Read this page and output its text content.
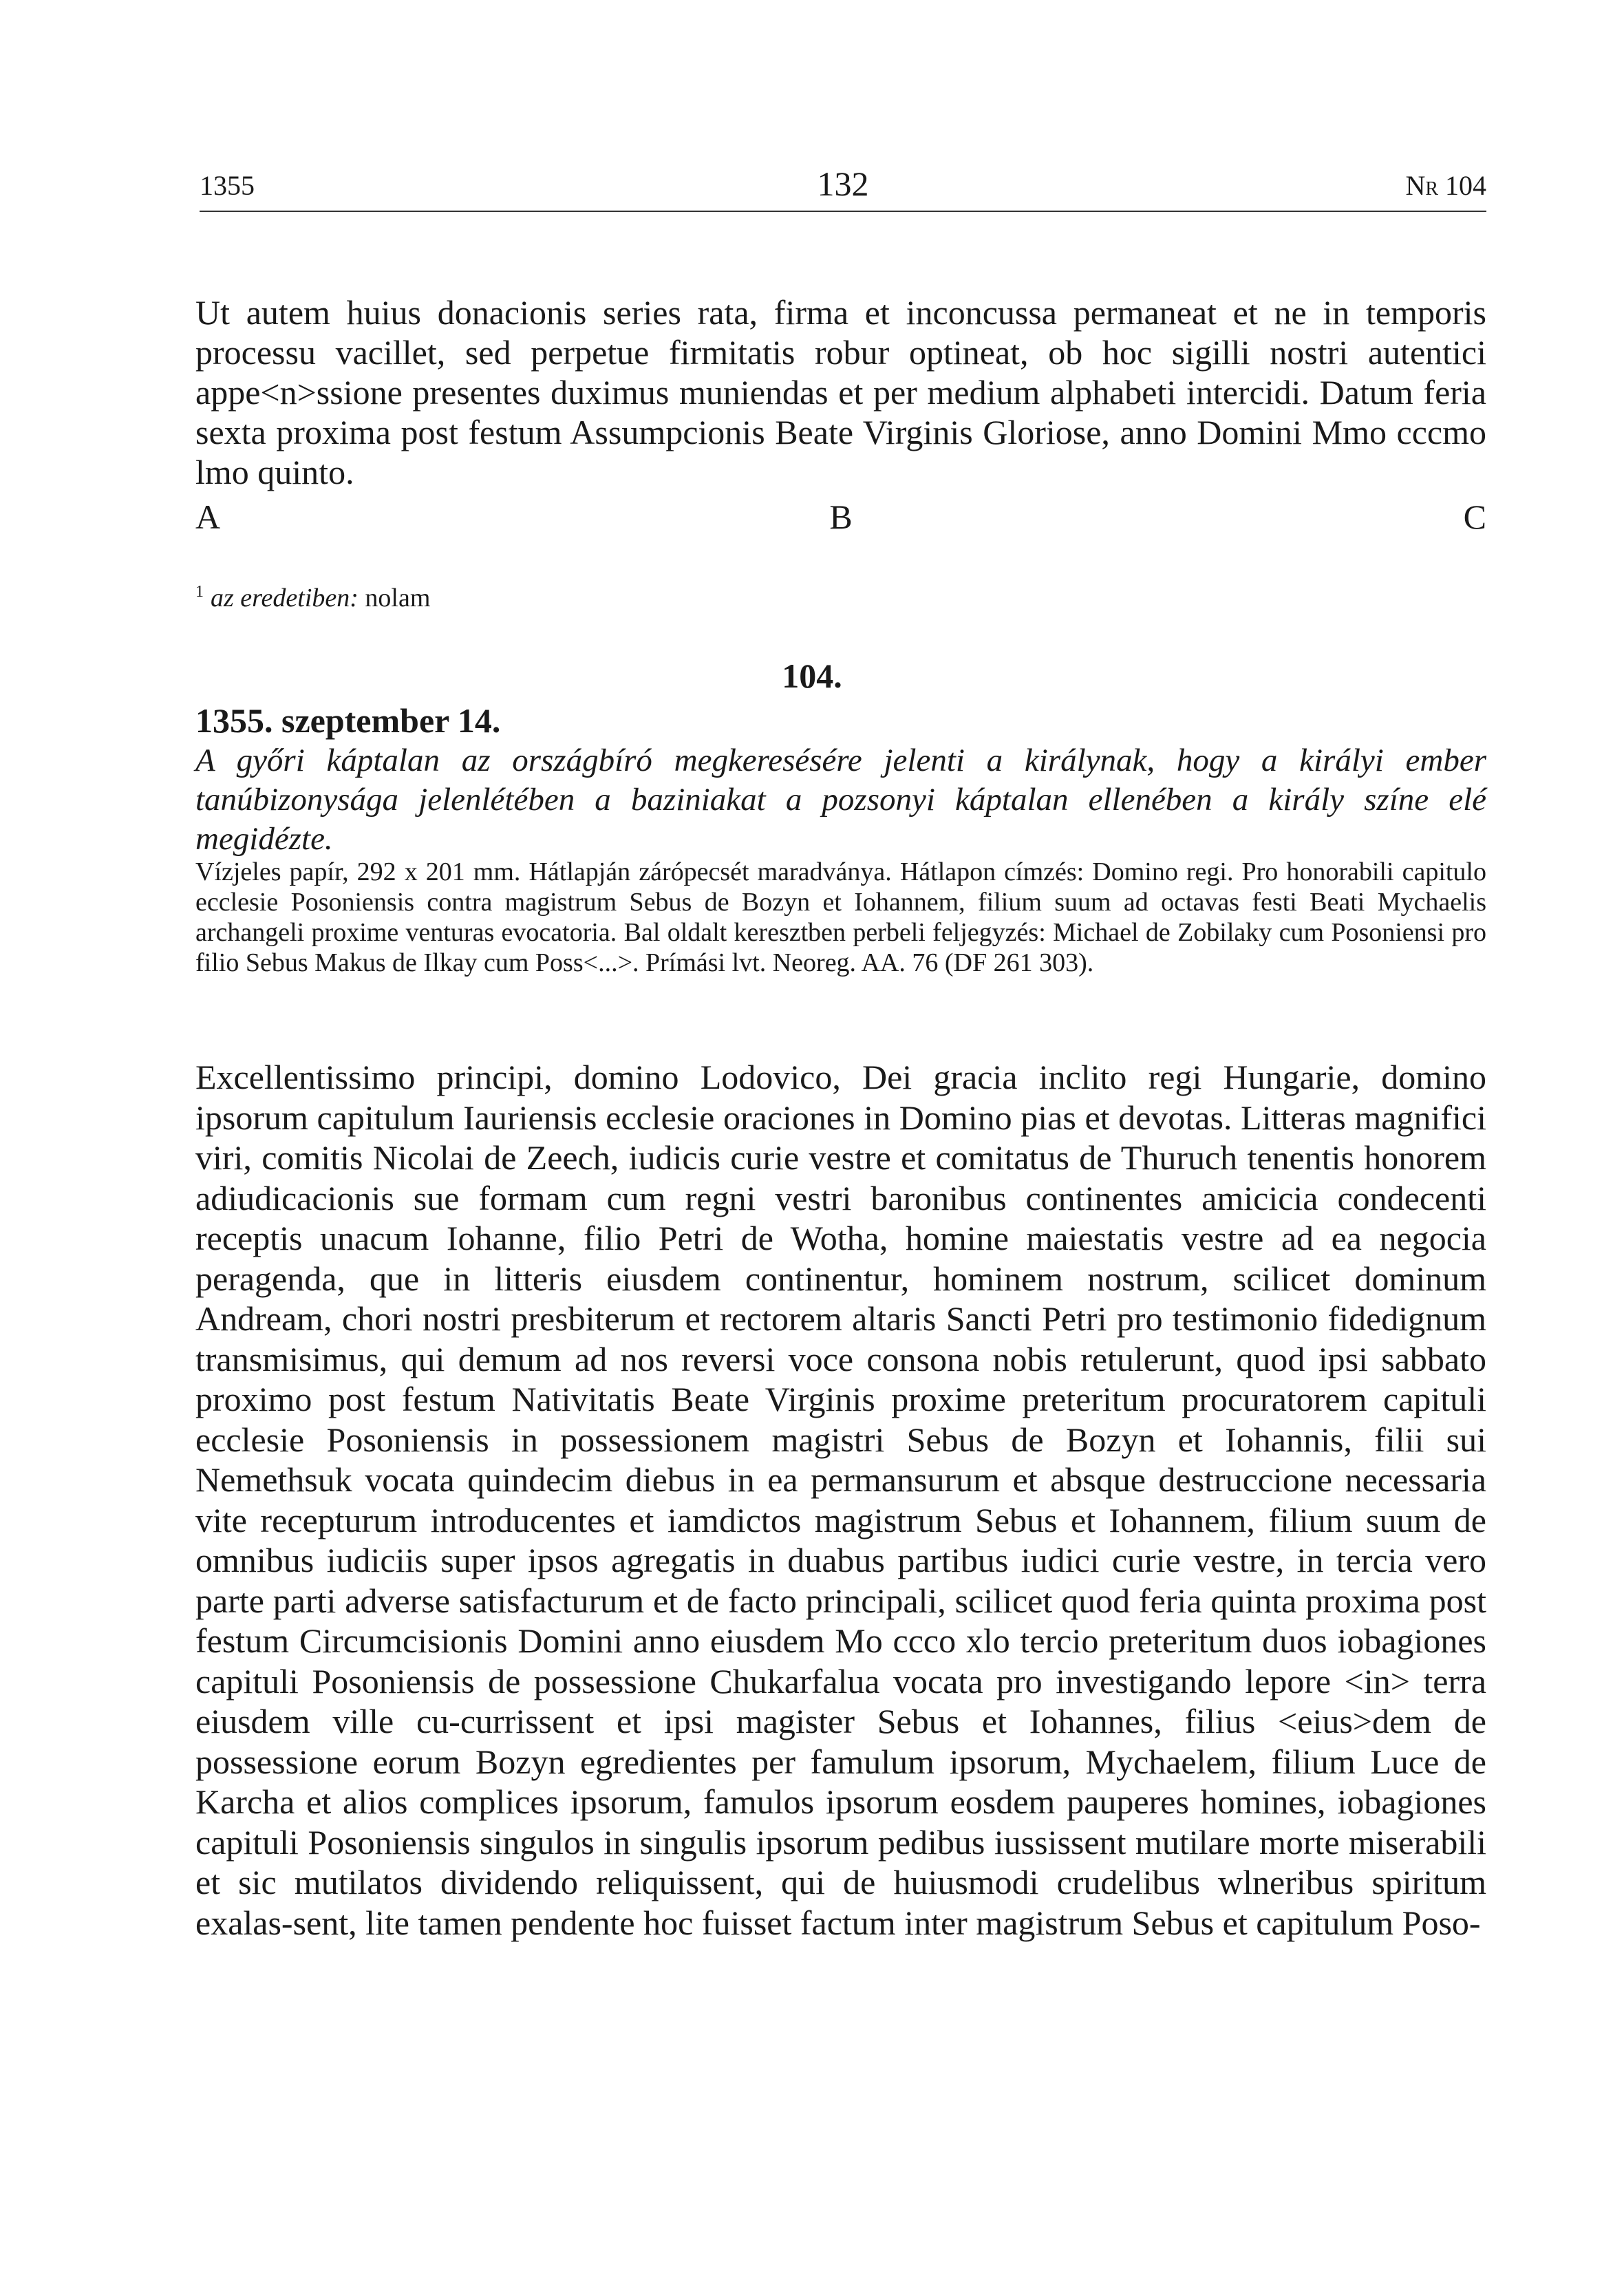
1355	132	Nr 104

Ut autem huius donacionis series rata, firma et inconcussa permaneat et ne in temporis processu vacillet, sed perpetue firmitatis robur optineat, ob hoc sigilli nostri autentici appe<n>ssione presentes duximus muniendas et per medium alphabeti intercidi. Datum feria sexta proxima post festum Assumpcionis Beate Virginis Gloriose, anno Domini Mmo cccmo lmo quinto.

A	B	C
$^1$ az eredetiben: nolam
104.
1355. szeptember 14.

A győri káptalan az országbíró megkeresésére jelenti a királynak, hogy a királyi ember tanúbizonysága jelenlétében a baziniakat a pozsonyi káptalan ellenében a király színe elé megidézte.

Vízjeles papír, 292 x 201 mm. Hátlapján zárópecsét maradványa. Hátlapon címzés: Domino regi. Pro honorabili capitulo ecclesie Posoniensis contra magistrum Sebus de Bozyn et Iohannem, filium suum ad octavas festi Beati Mychaelis archangeli proxime venturas evocatoria. Bal oldalt keresztben perbeli feljegyzés: Michael de Zobilaky cum Posoniensi pro filio Sebus Makus de Ilkay cum Poss<...>. Prímási lvt. Neoreg. AA. 76 (DF 261 303).

Excellentissimo principi, domino Lodovico, Dei gracia inclito regi Hungarie, domino ipsorum capitulum Iauriensis ecclesie oraciones in Domino pias et devotas. Litteras magnifici viri, comitis Nicolai de Zeech, iudicis curie vestre et comitatus de Thuruch tenentis honorem adiudicacionis sue formam cum regni vestri baronibus continentes amicicia condecenti receptis unacum Iohanne, filio Petri de Wotha, homine maiestatis vestre ad ea negocia peragenda, que in litteris eiusdem continentur, hominem nostrum, scilicet dominum Andream, chori nostri presbiterum et rectorem altaris Sancti Petri pro testimonio fidedignum transmisimus, qui demum ad nos reversi voce consona nobis retulerunt, quod ipsi sabbato proximo post festum Nativitatis Beate Virginis proxime preteritum procuratorem capituli ecclesie Posoniensis in possessionem magistri Sebus de Bozyn et Iohannis, filii sui Nemethsuk vocata quindecim diebus in ea permansurum et absque destruccione necessaria vite recepturum introducentes et iamdictos magistrum Sebus et Iohannem, filium suum de omnibus iudiciis super ipsos agregatis in duabus partibus iudici curie vestre, in tercia vero parte parti adverse satisfacturum et de facto principali, scilicet quod feria quinta proxima post festum Circumcisionis Domini anno eiusdem Mo ccco xlo tercio preteritum duos iobagiones capituli Posoniensis de possessione Chukarfalua vocata pro investigando lepore <in> terra eiusdem ville cu-currissent et ipsi magister Sebus et Iohannes, filius <eius>dem de possessione eorum Bozyn egredientes per famulum ipsorum, Mychaelem, filium Luce de Karcha et alios complices ipsorum, famulos ipsorum eosdem pauperes homines, iobagiones capituli Posoniensis singulos in singulis ipsorum pedibus iussissent mutilare morte miserabili et sic mutilatos dividendo reliquissent, qui de huiusmodi crudelibus wlneribus spiritum exalas-sent, lite tamen pendente hoc fuisset factum inter magistrum Sebus et capitulum Poso-
